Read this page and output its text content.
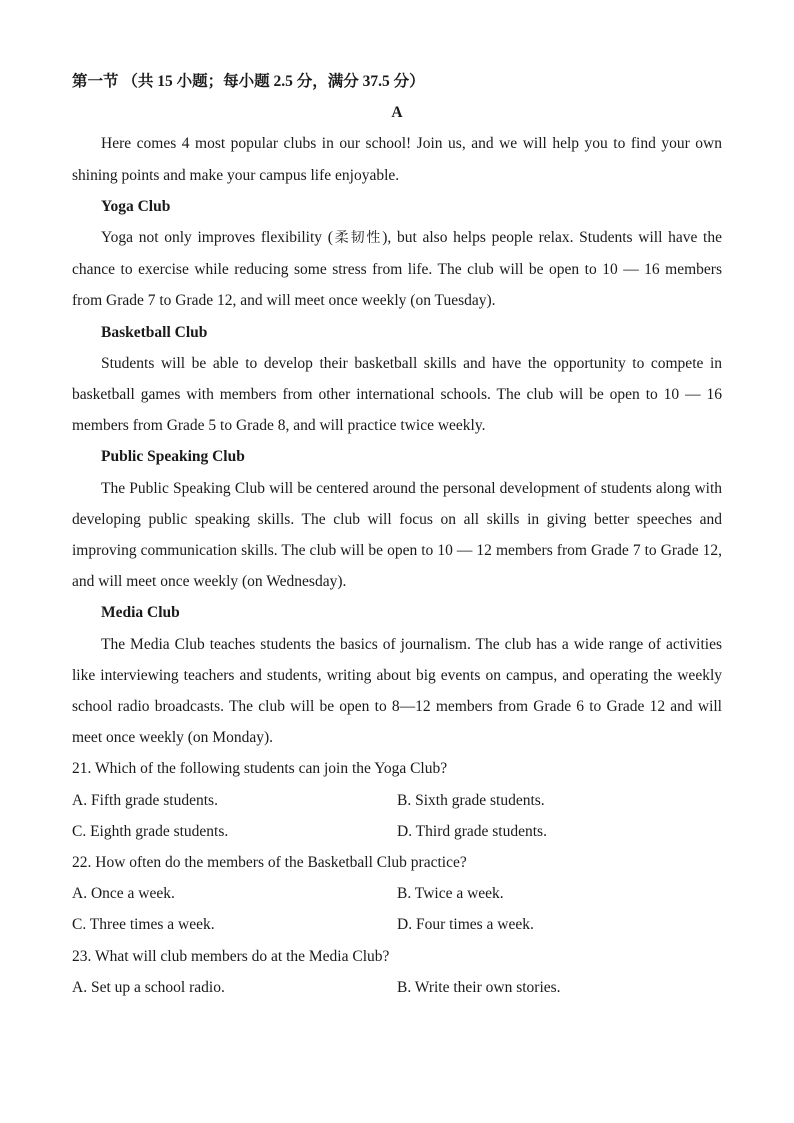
第一节 （共 15 小题；每小题 2.5 分，满分 37.5 分）
A

Here comes 4 most popular clubs in our school! Join us, and we will help you to find your own shining points and make your campus life enjoyable.

Yoga Club

Yoga not only improves flexibility (柔韧性), but also helps people relax. Students will have the chance to exercise while reducing some stress from life. The club will be open to 10 — 16 members from Grade 7 to Grade 12, and will meet once weekly (on Tuesday).

Basketball Club

Students will be able to develop their basketball skills and have the opportunity to compete in basketball games with members from other international schools. The club will be open to 10 — 16 members from Grade 5 to Grade 8, and will practice twice weekly.

Public Speaking Club

The Public Speaking Club will be centered around the personal development of students along with developing public speaking skills. The club will focus on all skills in giving better speeches and improving communication skills. The club will be open to 10 — 12 members from Grade 7 to Grade 12, and will meet once weekly (on Wednesday).

Media Club

The Media Club teaches students the basics of journalism. The club has a wide range of activities like interviewing teachers and students, writing about big events on campus, and operating the weekly school radio broadcasts. The club will be open to 8—12 members from Grade 6 to Grade 12 and will meet once weekly (on Monday).

21. Which of the following students can join the Yoga Club?

A. Fifth grade students.	B. Sixth grade students.
C. Eighth grade students.	D. Third grade students.

22. How often do the members of the Basketball Club practice?

A. Once a week.	B. Twice a week.
C. Three times a week.	D. Four times a week.

23. What will club members do at the Media Club?

A. Set up a school radio.	B. Write their own stories.
